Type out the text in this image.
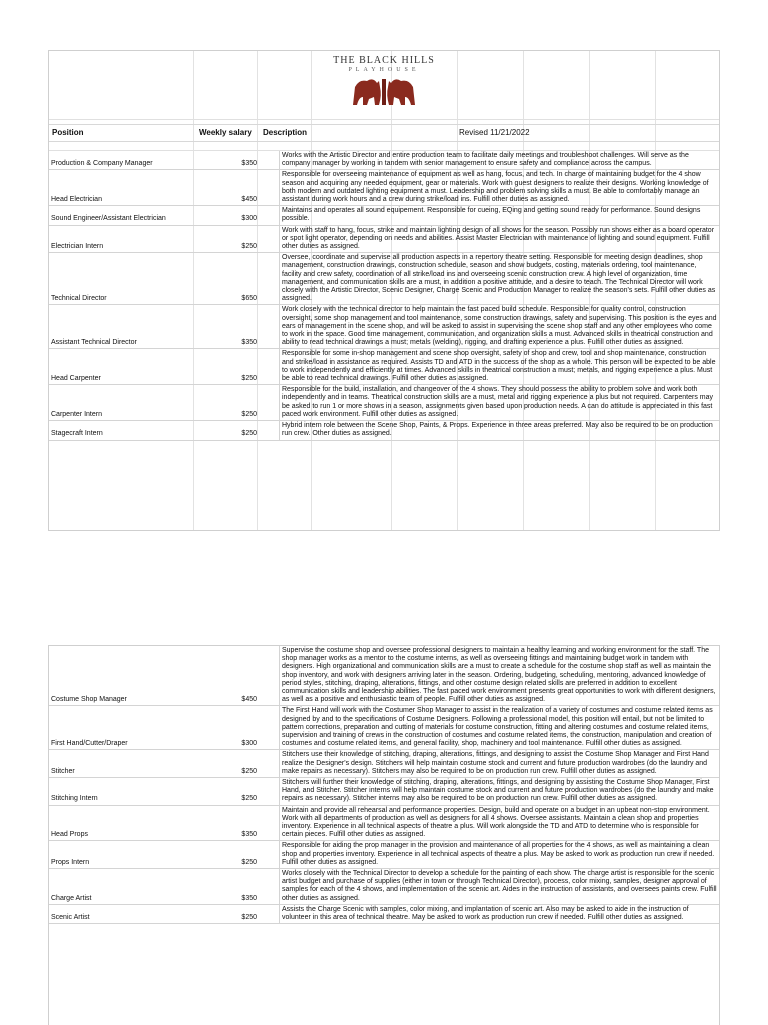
THE BLACK HILLS
PLAYHOUSE
Position	Weekly salary Description	Revised 11/21/2022
Production & Company Manager	$350	Works with the Artistic Director and entire production team to facilitate daily meetings and troubleshoot challenges. Will serve as the company manager by working in tandem with senior management to ensure safety and compliance across the campus.
Head Electrician	$450	Responsible for overseeing maintenance of equipment as well as hang, focus, and tech. In charge of maintaining budget for the 4 show season and acquiring any needed equipment, gear or materials. Work with guest designers to realize their designs. Working knowledge of both modern and outdated lighting equipment a must. Leadership and problem solving skills a must. Be able to comfortably manage an assistant during work hours and a crew during strike/load ins. Fulfill other duties as assigned.
Sound Engineer/Assistant Electrician	$300	Maintains and operates all sound equipement. Responsible for cueing, EQing and getting sound ready for performance. Sound designs possible.
Electrician Intern	$250	Work with staff to hang, focus, strike and maintain lighting design of all shows for the season. Possibly run shows either as a board operator or spot light operator, depending on needs and abilities. Assist Master Electrician with maintenance of lighting and sound equipment. Fulfill other duties as assigned.
Technical Director	$650	Oversee, coordinate and supervise all production aspects in a repertory theatre setting. Responsible for meeting design deadlines, shop management, construction drawings, construction schedule, season and show budgets, costing, materials ordering, tool maintenance, facility and crew safety, coordination of all strike/load ins and overseeing scenic construction crew. A high level of organization, time management, and communication skills are a must, in addition a positive attitude, and a desire to teach. The Technical Director will work closely with the Artistic Director, Scenic Designer, Charge Scenic and Production Manager to realize the season's sets. Fulfill other duties as assigned.
Assistant Technical Director	$350	Work closely with the technical director to help maintain the fast paced build schedule. Responsible for quality control, construction oversight, some shop management and tool maintenance, some construction drawings, safety and supervising. This position is the eyes and ears of management in the scene shop, and will be asked to assist in supervising the scene shop staff and any other employees who come to work in the space. Good time management, communication, and organization skills a must. Advanced skills in theatrical construction and ability to read technical drawings a must; metals (welding), rigging, and drafting experience a plus. Fulfill other duties as assigned.
Head Carpenter	$250	Responsible for some in-shop management and scene shop oversight, safety of shop and crew, tool and shop maintenance, construction and strike/load in assistance as required. Assists TD and ATD in the success of the shop as a whole. This person will be expected to be able to work independently and efficiently at times. Advanced skills in theatrical construction a must; metals, and rigging experience a plus. Must be able to read technical drawings. Fulfill other duties as assigned.
Carpenter Intern	$250	Responsible for the build, installation, and changeover of the 4 shows. They should possess the ability to problem solve and work both independently and in teams. Theatrical construction skills are a must, metal and rigging experience a plus but not required. Carpenters may be asked to run 1 or more shows in a season, assignments given based upon production needs. A can do attitude is appreciated in this fast paced work environment. Fulfill other duties as assigned.
Stagecraft Intern	$250	Hybrid intern role between the Scene Shop, Paints, & Props. Experience in three areas preferred. May also be required to be on production run crew. Other duties as assigned.
Costume Shop Manager	$450	Supervise the costume shop and oversee professional designers to maintain a healthy learning and working environment for the staff. The shop manager works as a mentor to the costume interns, as well as overseeing fittings and maintaining budget work in tandem with designers. High organizational and communication skills are a must to create a schedule for the costume shop staff as well as maintain the shop inventory, and work with designers arriving later in the season. Ordering, budgeting, scheduling, mentoring, advanced knowledge of period styles, stitching, draping, alterations, fittings, and other costume design related skills are preferred in addition to excellent communication skills and leadership abilities. The fast paced work environment presents great opportunities to work with different designers, as well as a positive and enthusiastic team of people. Fulfill other duties as assigned.
First Hand/Cutter/Draper	$300	The First Hand will work with the Costumer Shop Manager to assist in the realization of a variety of costumes and costume related items as designed by and to the specifications of Costume Designers. Following a professional model, this position will entail, but not be limited to pattern corrections, preparation and cutting of materials for costume construction, fitting and altering costumes and costume related items, supervision and training of crews in the construction of costumes and costume related items, the construction, manipulation and creation of costumes and costume related items, and general facility, shop, machinery and tool maintenance. Fulfill other duties as assigned.
Stitcher	$250	Stitchers use their knowledge of stitching, draping, alterations, fittings, and designing to assist the Costume Shop Manager and First Hand realize the Designer's design. Stitchers will help maintain costume stock and current and future production wardrobes (do the laundry and make repairs as necessary). Stitchers may also be required to be on production run crew. Fulfill other duties as assigned.
Stitching Intern	$250	Stitchers will further their knowledge of stitching, draping, alterations, fittings, and designing by assisting the Costume Shop Manager, First Hand, and Stitcher. Stitcher interns will help maintain costume stock and current and future production wardrobes (do the laundry and make repairs as necessary). Stitcher interns may also be required to be on production run crew. Fulfill other duties as assigned.
Head Props	$350	Maintain and provide all rehearsal and performance properties. Design, build and operate on a budget in an upbeat non-stop environment. Work with all departments of production as well as designers for all 4 shows. Oversee assistants. Maintain a clean shop and properties inventory. Experience in all technical aspects of theatre a plus. Will work alongside the TD and ATD to determine who is responsible for certain pieces. Fulfill other duties as assigned.
Props Intern	$250	Responsible for aiding the prop manager in the provision and maintenance of all properties for the 4 shows, as well as maintaining a clean shop and properties inventory. Experience in all technical aspects of theatre a plus. May be asked to work as production run crew if needed. Fulfill other duties as assigned.
Charge Artist	$350	Works closely with the Technical Director to develop a schedule for the painting of each show. The charge artist is responsible for the scenic artist budget and purchase of supplies (either in town or through Technical Director), process, color mixing, samples, designer approval of samples for each of the 4 shows, and implementation of the scenic art. Aides in the instruction of assistants, and oversees paints crew. Fulfill other duties as assigned.
Scenic Artist	$250	Assists the Charge Scenic with samples, color mixing, and implantation of scenic art. Also may be asked to aide in the instruction of volunteer in this area of technical theatre. May be asked to work as production run crew if needed. Fulfill other duties as assigned.
